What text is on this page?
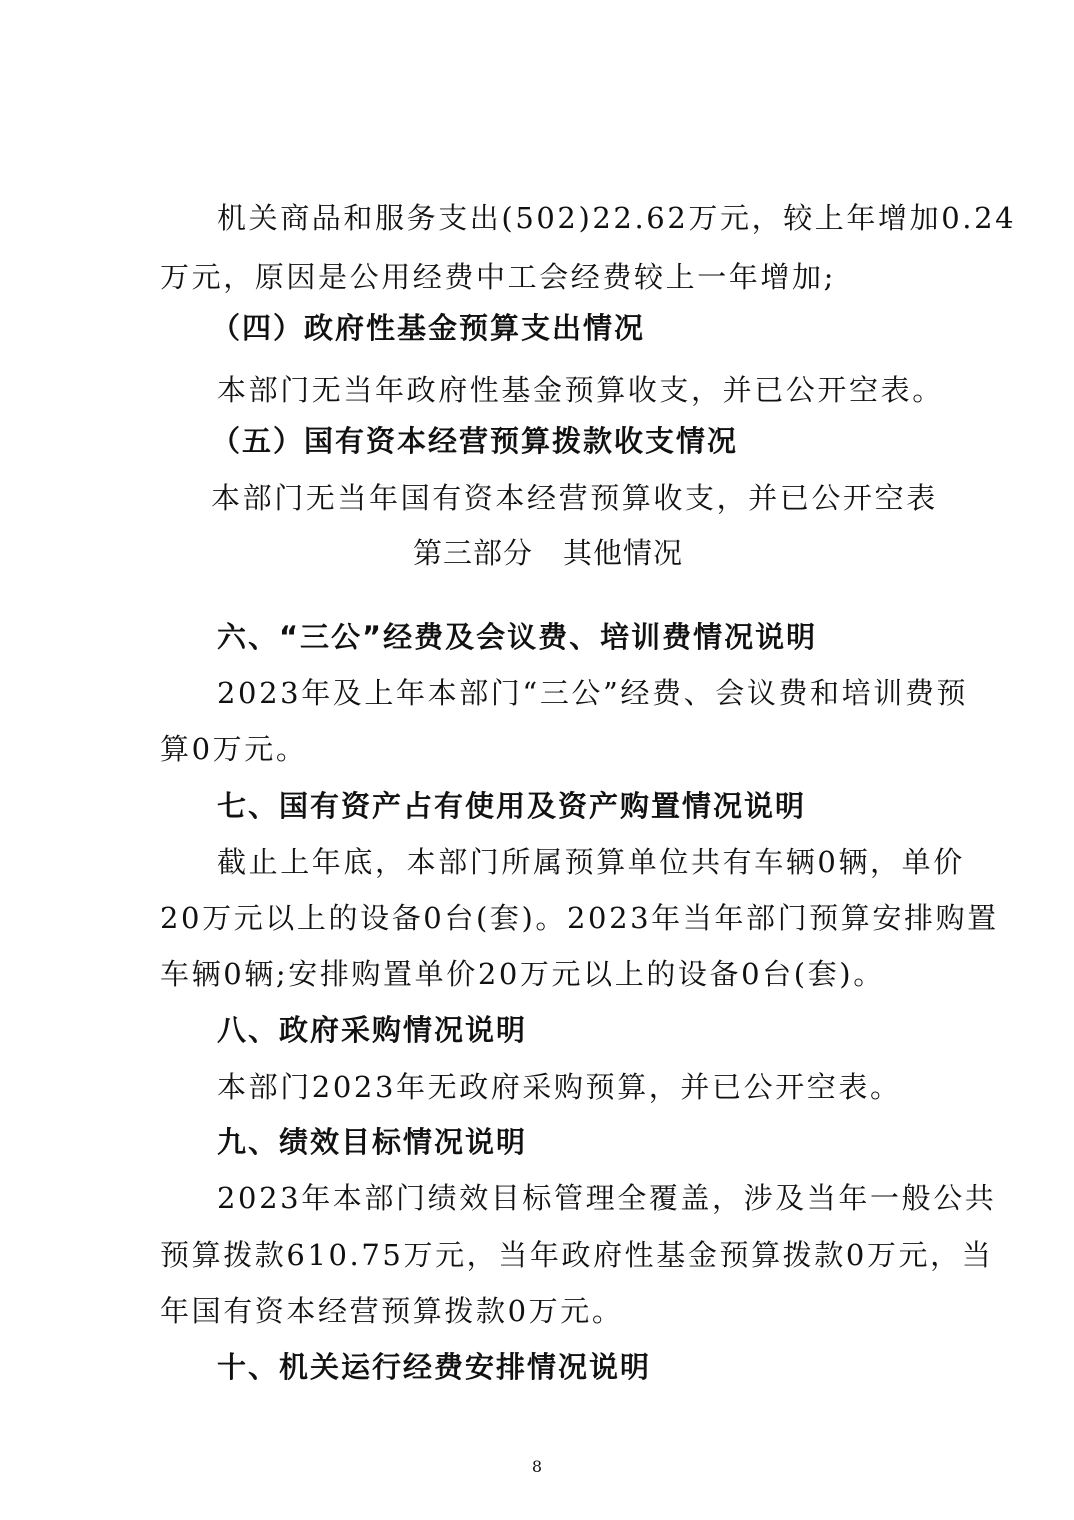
机关商品和服务支出(502)22.62万元，较上年增加0.24
万元，原因是公用经费中工会经费较上一年增加;
（四）政府性基金预算支出情况
本部门无当年政府性基金预算收支，并已公开空表。
（五）国有资本经营预算拨款收支情况
本部门无当年国有资本经营预算收支，并已公开空表
第三部分　其他情况
六、“三公”经费及会议费、培训费情况说明
2023年及上年本部门“三公”经费、会议费和培训费预
算0万元。
七、国有资产占有使用及资产购置情况说明
截止上年底，本部门所属预算单位共有车辆0辆，单价
20万元以上的设备0台(套)。2023年当年部门预算安排购置
车辆0辆;安排购置单价20万元以上的设备0台(套)。
八、政府采购情况说明
本部门2023年无政府采购预算，并已公开空表。
九、绩效目标情况说明
2023年本部门绩效目标管理全覆盖，涉及当年一般公共
预算拨款610.75万元，当年政府性基金预算拨款0万元，当
年国有资本经营预算拨款0万元。
十、机关运行经费安排情况说明
8
